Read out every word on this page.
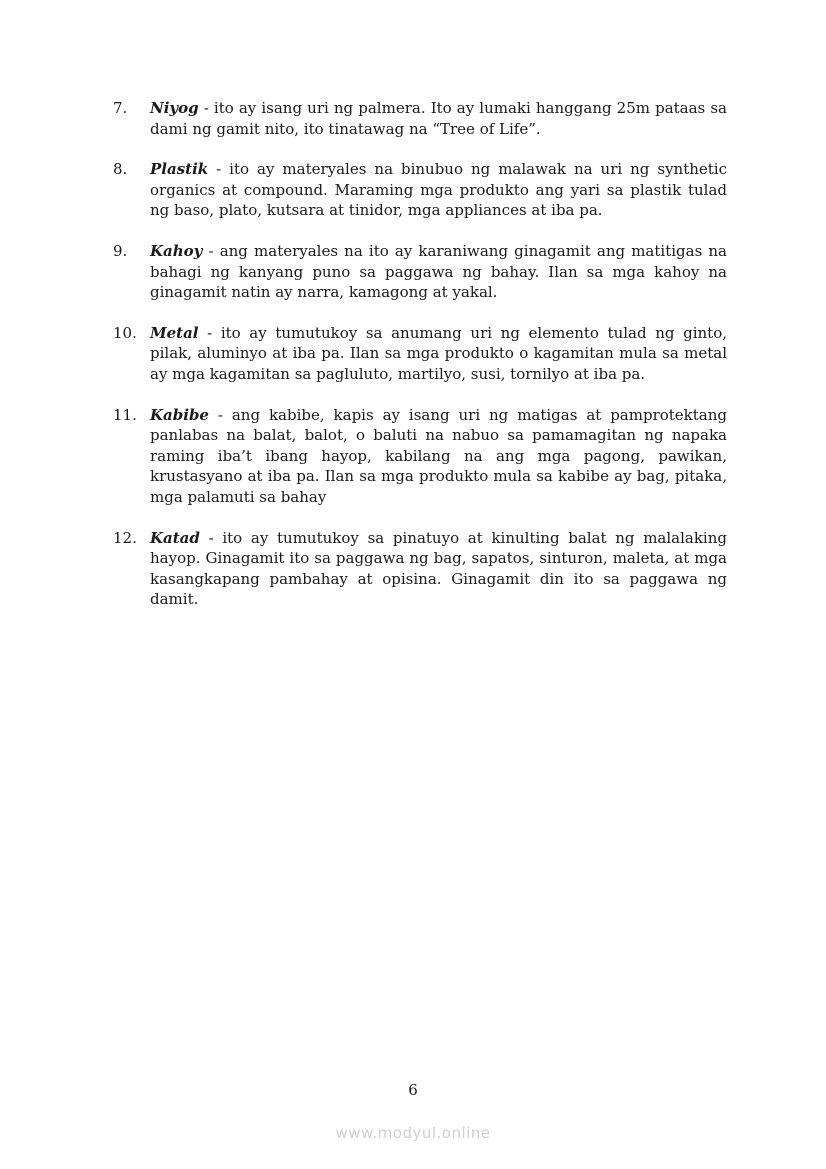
7.	Niyog - ito ay isang uri ng palmera. Ito ay lumaki hanggang 25m pataas sa dami ng gamit nito, ito tinatawag na “Tree of Life”.
8.	Plastik - ito ay materyales na binubuo ng malawak na uri ng synthetic organics at compound. Maraming mga produkto ang yari sa plastik tulad ng baso, plato, kutsara at tinidor, mga appliances at iba pa.
9.	Kahoy - ang materyales na ito ay karaniwang ginagamit ang matitigas na bahagi ng kanyang puno sa paggawa ng bahay. Ilan sa mga kahoy na ginagamit natin ay narra, kamagong at yakal.
10. Metal - ito ay tumutukoy sa anumang uri ng elemento tulad ng ginto, pilak, aluminyo at iba pa. Ilan sa mga produkto o kagamitan mula sa metal ay mga kagamitan sa pagluluto, martilyo, susi, tornilyo at iba pa.
11. Kabibe - ang kabibe, kapis ay isang uri ng matigas at pamprotektang panlabas na balat, balot, o baluti na nabuo sa pamamagitan ng napaka raming iba’t ibang hayop, kabilang na ang mga pagong, pawikan, krustasyano at iba pa. Ilan sa mga produkto mula sa kabibe ay bag, pitaka, mga palamuti sa bahay
12. Katad - ito ay tumutukoy sa pinatuyo at kinulting balat ng malalaking hayop. Ginagamit ito sa paggawa ng bag, sapatos, sinturon, maleta, at mga kasangkapang pambahay at opisina. Ginagamit din ito sa paggawa ng damit.
6
www.modyul.online
